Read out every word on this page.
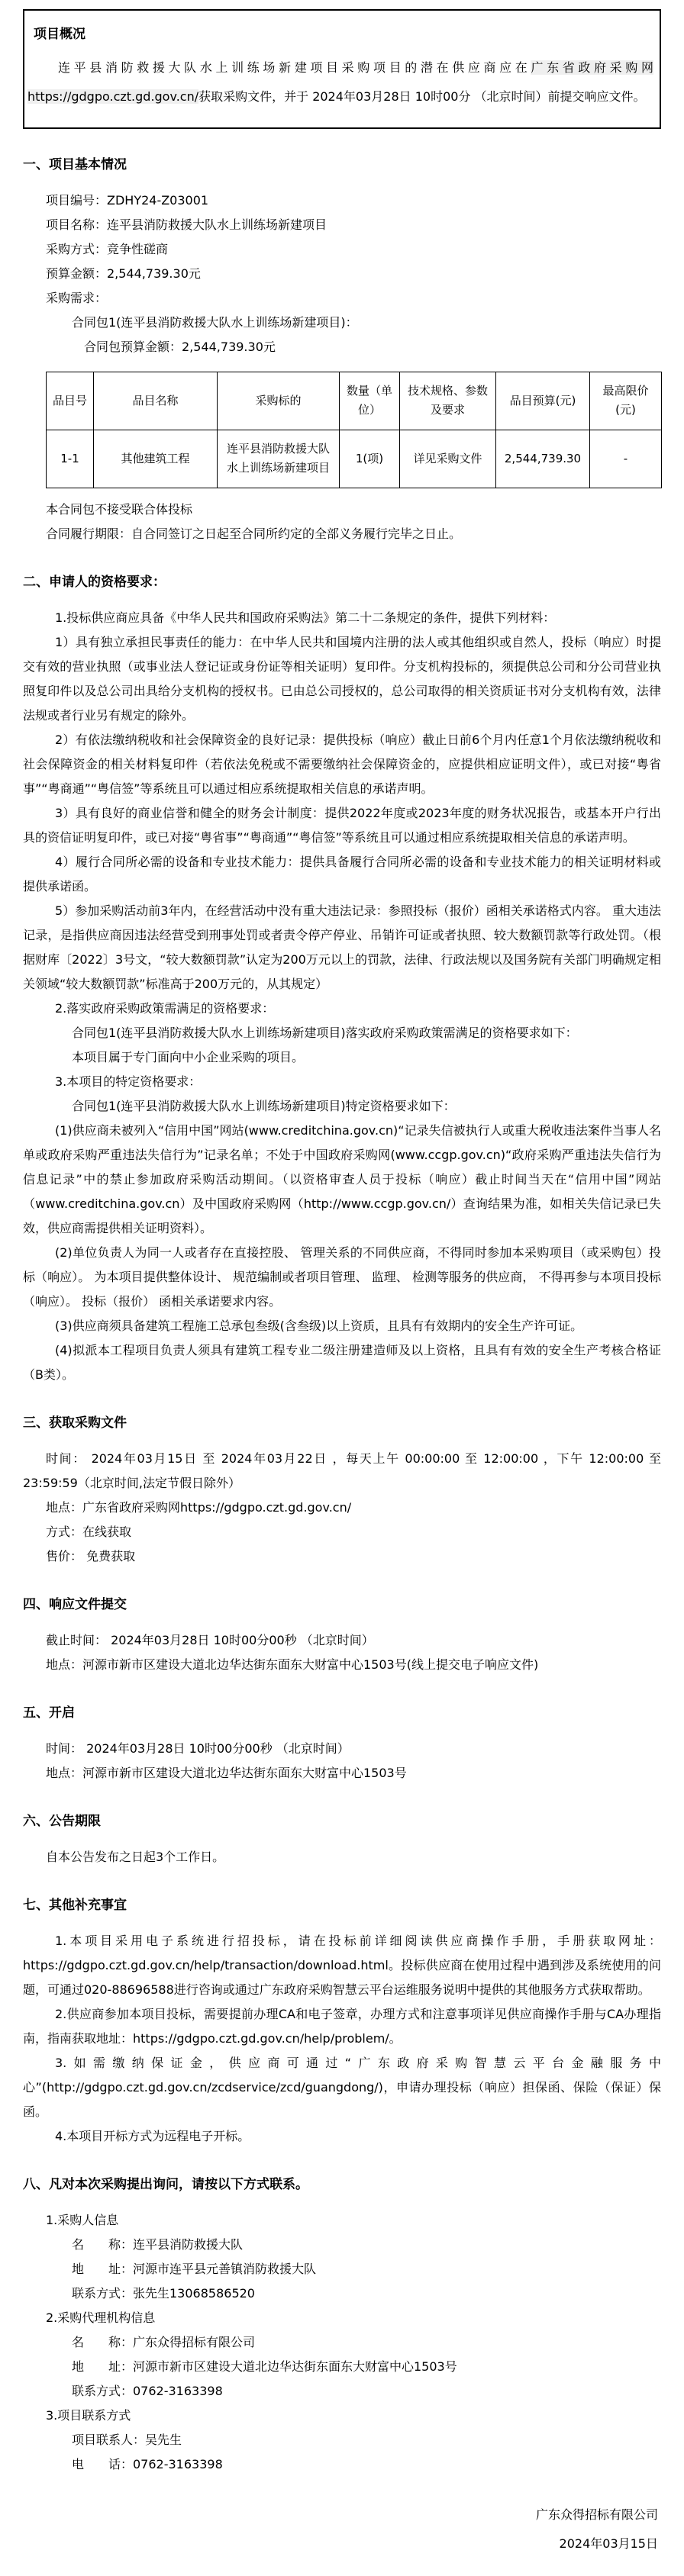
项目概况

连平县消防救援大队水上训练场新建项目采购项目的潜在供应商应在广东省政府采购网https://gdgpo.czt.gd.gov.cn/获取采购文件，并于 2024年03月28日 10时00分 （北京时间）前提交响应文件。

一、项目基本情况
项目编号：ZDHY24-Z03001
项目名称：连平县消防救援大队水上训练场新建项目
采购方式：竞争性磋商
预算金额：2,544,739.30元
采购需求：
合同包1(连平县消防救援大队水上训练场新建项目)：
合同包预算金额：2,544,739.30元
品目号	品目名称	采购标的	数量（单位）	技术规格、参数及要求	品目预算(元)	最高限价(元)
1-1	其他建筑工程	连平县消防救援大队水上训练场新建项目	1(项)	详见采购文件	2,544,739.30	-
本合同包不接受联合体投标
合同履行期限：自合同签订之日起至合同所约定的全部义务履行完毕之日止。
二、申请人的资格要求：

1.投标供应商应具备《中华人民共和国政府采购法》第二十二条规定的条件，提供下列材料：

1）具有独立承担民事责任的能力：在中华人民共和国境内注册的法人或其他组织或自然人，投标（响应）时提交有效的营业执照（或事业法人登记证或身份证等相关证明）复印件。分支机构投标的，须提供总公司和分公司营业执照复印件以及总公司出具给分支机构的授权书。已由总公司授权的，总公司取得的相关资质证书对分支机构有效，法律法规或者行业另有规定的除外。

2）有依法缴纳税收和社会保障资金的良好记录：提供投标（响应）截止日前6个月内任意1个月依法缴纳税收和社会保障资金的相关材料复印件（若依法免税或不需要缴纳社会保障资金的，应提供相应证明文件），或已对接“粤省事”“粤商通”“粤信签”等系统且可以通过相应系统提取相关信息的承诺声明。

3）具有良好的商业信誉和健全的财务会计制度：提供2022年度或2023年度的财务状况报告，或基本开户行出具的资信证明复印件，或已对接“粤省事”“粤商通”“粤信签”等系统且可以通过相应系统提取相关信息的承诺声明。

4）履行合同所必需的设备和专业技术能力：提供具备履行合同所必需的设备和专业技术能力的相关证明材料或提供承诺函。

5）参加采购活动前3年内，在经营活动中没有重大违法记录：参照投标（报价）函相关承诺格式内容。 重大违法记录，是指供应商因违法经营受到刑事处罚或者责令停产停业、吊销许可证或者执照、较大数额罚款等行政处罚。（根据财库〔2022〕3号文，“较大数额罚款”认定为200万元以上的罚款，法律、行政法规以及国务院有关部门明确规定相关领域“较大数额罚款”标准高于200万元的，从其规定）

2.落实政府采购政策需满足的资格要求：

合同包1(连平县消防救援大队水上训练场新建项目)落实政府采购政策需满足的资格要求如下：
本项目属于专门面向中小企业采购的项目。

3.本项目的特定资格要求：

合同包1(连平县消防救援大队水上训练场新建项目)特定资格要求如下：

(1)供应商未被列入“信用中国”网站(www.creditchina.gov.cn)“记录失信被执行人或重大税收违法案件当事人名单或政府采购严重违法失信行为”记录名单；不处于中国政府采购网(www.ccgp.gov.cn)“政府采购严重违法失信行为信息记录”中的禁止参加政府采购活动期间。（以资格审查人员于投标（响应）截止时间当天在“信用中国”网站（www.creditchina.gov.cn）及中国政府采购网（http://www.ccgp.gov.cn/）查询结果为准，如相关失信记录已失效，供应商需提供相关证明资料）。

(2)单位负责人为同一人或者存在直接控股、 管理关系的不同供应商，不得同时参加本采购项目（或采购包）投标（响应）。 为本项目提供整体设计、 规范编制或者项目管理、 监理、 检测等服务的供应商， 不得再参与本项目投标（响应）。 投标（报价） 函相关承诺要求内容。

(3)供应商须具备建筑工程施工总承包叁级(含叁级)以上资质，且具有有效期内的安全生产许可证。

(4)拟派本工程项目负责人须具有建筑工程专业二级注册建造师及以上资格，且具有有效的安全生产考核合格证（B类）。

三、获取采购文件

时间： 2024年03月15日 至 2024年03月22日 ，每天上午 00:00:00 至 12:00:00 ，下午 12:00:00 至 23:59:59（北京时间,法定节假日除外）

地点：广东省政府采购网https://gdgpo.czt.gd.gov.cn/
方式：在线获取
售价： 免费获取
四、响应文件提交
截止时间： 2024年03月28日 10时00分00秒 （北京时间）
地点：河源市新市区建设大道北边华达街东面东大财富中心1503号(线上提交电子响应文件)
五、开启
时间： 2024年03月28日 10时00分00秒 （北京时间）
地点：河源市新市区建设大道北边华达街东面东大财富中心1503号
六、公告期限
自本公告发布之日起3个工作日。
七、其他补充事宜

1.本项目采用电子系统进行招投标，请在投标前详细阅读供应商操作手册，手册获取网址：https://gdgpo.czt.gd.gov.cn/help/transaction/download.html。投标供应商在使用过程中遇到涉及系统使用的问题，可通过020-88696588进行咨询或通过广东政府采购智慧云平台运维服务说明中提供的其他服务方式获取帮助。

2.供应商参加本项目投标，需要提前办理CA和电子签章，办理方式和注意事项详见供应商操作手册与CA办理指南，指南获取地址：https://gdgpo.czt.gd.gov.cn/help/problem/。

3.如需缴纳保证金，供应商可通过“广东政府采购智慧云平台金融服务中心”(http://gdgpo.czt.gd.gov.cn/zcdservice/zcd/guangdong/)，申请办理投标（响应）担保函、保险（保证）保函。

4.本项目开标方式为远程电子开标。

八、凡对本次采购提出询问，请按以下方式联系。
1.采购人信息
名　　称：连平县消防救援大队
地　　址：河源市连平县元善镇消防救援大队
联系方式：张先生13068586520
2.采购代理机构信息
名　　称：广东众得招标有限公司
地　　址：河源市新市区建设大道北边华达街东面东大财富中心1503号
联系方式：0762-3163398
3.项目联系方式
项目联系人：吴先生
电　　话：0762-3163398
广东众得招标有限公司
2024年03月15日
